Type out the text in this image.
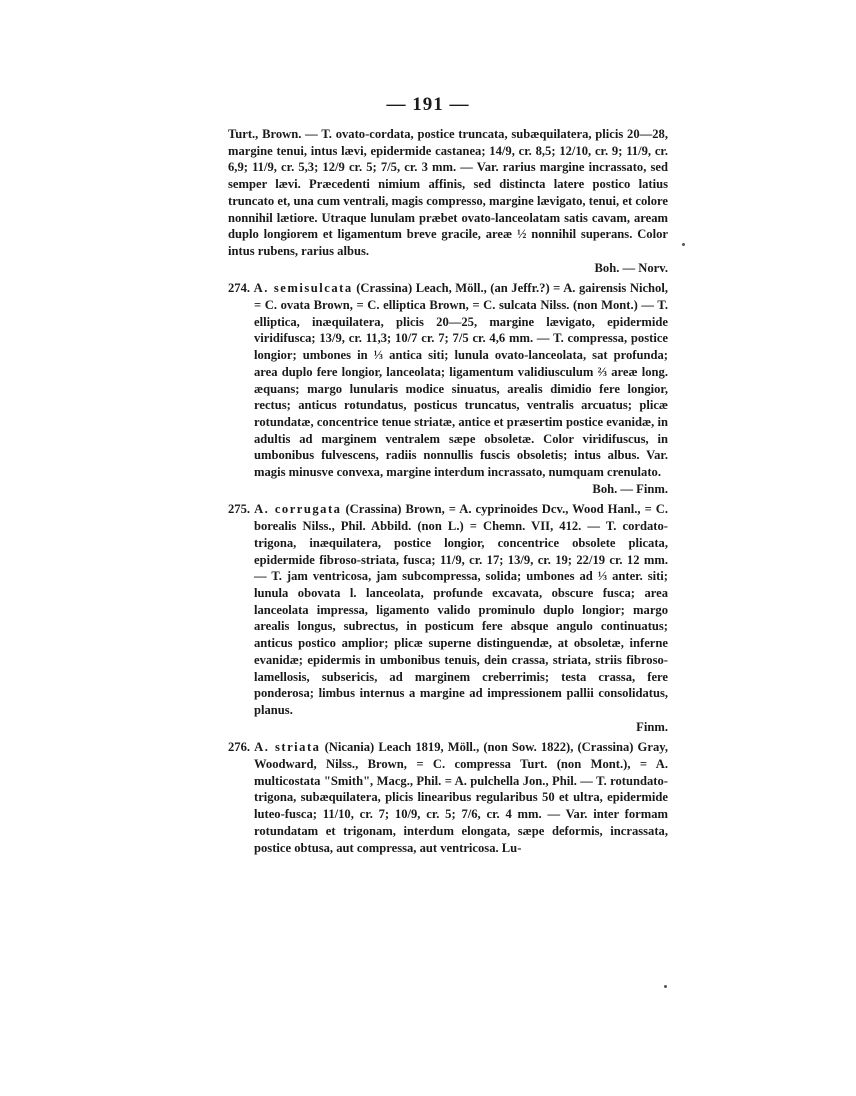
— 191 —

Turt., Brown. — T. ovato-cordata, postice truncata, subæquilatera, plicis 20—28, margine tenui, intus lævi, epidermide castanea; 14/9, cr. 8,5; 12/10, cr. 9; 11/9, cr. 6,9; 11/9, cr. 5,3; 12/9 cr. 5; 7/5, cr. 3 mm. — Var. rarius margine incrassato, sed semper lævi. Præcedenti nimium affinis, sed distincta latere postico latius truncato et, una cum ventrali, magis compresso, margine lævigato, tenui, et colore nonnihil lætiore. Utraque lunulam præbet ovato-lanceolatam satis cavam, aream duplo longiorem et ligamentum breve gracile, areæ ½ nonnihil superans. Color intus rubens, rarius albus.
Boh. — Norv.

274. A. semisulcata (Crassina) Leach, Möll., (an Jeffr.?) = A. gairensis Nichol, = C. ovata Brown, = C. elliptica Brown, = C. sulcata Nilss. (non Mont.) — T. elliptica, inæquilatera, plicis 20—25, margine lævigato, epidermide viridifusca; 13/9, cr. 11,3; 10/7 cr. 7; 7/5 cr. 4,6 mm. — T. compressa, postice longior; umbones in ⅓ antica siti; lunula ovato-lanceolata, sat profunda; area duplo fere longior, lanceolata; ligamentum validiusculum ⅔ areæ long. æquans; margo lunularis modice sinuatus, arealis dimidio fere longior, rectus; anticus rotundatus, posticus truncatus, ventralis arcuatus; plicæ rotundatæ, concentrice tenue striatæ, antice et præsertim postice evanidæ, in adultis ad marginem ventralem sæpe obsoletæ. Color viridifuscus, in umbonibus fulvescens, radiis nonnullis fuscis obsoletis; intus albus. Var. magis minusve convexa, margine interdum incrassato, numquam crenulato.
Boh. — Finm.

275. A. corrugata (Crassina) Brown, = A. cyprinoides Dcv., Wood Hanl., = C. borealis Nilss., Phil. Abbild. (non L.) = Chemn. VII, 412. — T. cordato-trigona, inæquilatera, postice longior, concentrice obsolete plicata, epidermide fibroso-striata, fusca; 11/9, cr. 17; 13/9, cr. 19; 22/19 cr. 12 mm. — T. jam ventricosa, jam subcompressa, solida; umbones ad ⅓ anter. siti; lunula obovata l. lanceolata, profunde excavata, obscure fusca; area lanceolata impressa, ligamento valido prominulo duplo longior; margo arealis longus, subrectus, in posticum fere absque angulo continuatus; anticus postico amplior; plicæ superne distinguendæ, at obsoletæ, inferne evanidæ; epidermis in umbonibus tenuis, dein crassa, striata, striis fibroso-lamellosis, subsericis, ad marginem creberrimis; testa crassa, fere ponderosa; limbus internus a margine ad impressionem pallii consolidatus, planus.
Finm.

276. A. striata (Nicania) Leach 1819, Möll., (non Sow. 1822), (Crassina) Gray, Woodward, Nilss., Brown, = C. compressa Turt. (non Mont.), = A. multicostata "Smith", Macg., Phil. = A. pulchella Jon., Phil. — T. rotundato-trigona, subæquilatera, plicis linearibus regularibus 50 et ultra, epidermide luteo-fusca; 11/10, cr. 7; 10/9, cr. 5; 7/6, cr. 4 mm. — Var. inter formam rotundatam et trigonam, interdum elongata, sæpe deformis, incrassata, postice obtusa, aut compressa, aut ventricosa. Lu-
